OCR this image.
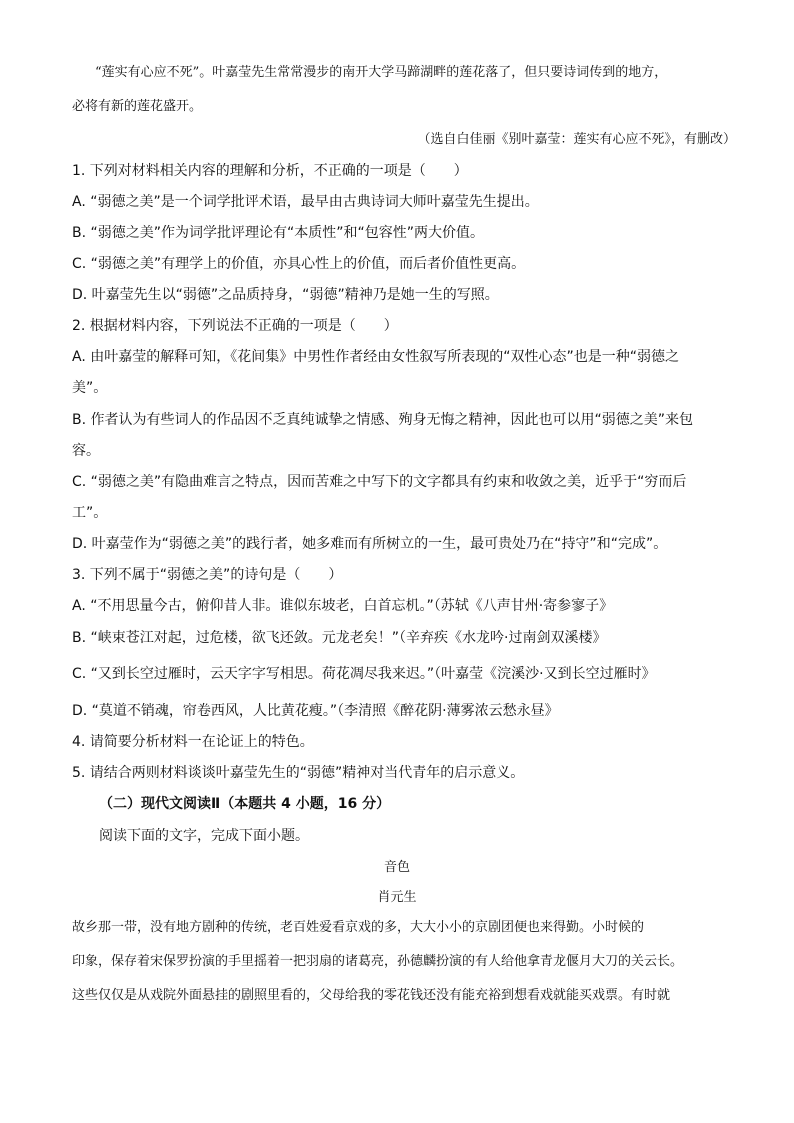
“莲实有心应不死”。叶嘉莹先生常常漫步的南开大学马蹄湖畔的莲花落了，但只要诗词传到的地方，
必将有新的莲花盛开。
（选自白佳丽《别叶嘉莹：莲实有心应不死》，有删改）
1. 下列对材料相关内容的理解和分析，不正确的一项是（　　）
A. “弱德之美”是一个词学批评术语，最早由古典诗词大师叶嘉莹先生提出。
B. “弱德之美”作为词学批评理论有“本质性”和“包容性”两大价值。
C. “弱德之美”有理学上的价值，亦具心性上的价值，而后者价值性更高。
D. 叶嘉莹先生以“弱德”之品质持身，“弱德”精神乃是她一生的写照。
2. 根据材料内容，下列说法不正确的一项是（　　）
A. 由叶嘉莹的解释可知，《花间集》中男性作者经由女性叙写所表现的“双性心态”也是一种“弱德之
美”。
B. 作者认为有些词人的作品因不乏真纯诚挚之情感、殉身无悔之精神，因此也可以用“弱德之美”来包
容。
C. “弱德之美”有隐曲难言之特点，因而苦难之中写下的文字都具有约束和收敛之美，近乎于“穷而后
工”。
D. 叶嘉莹作为“弱德之美”的践行者，她多难而有所树立的一生，最可贵处乃在“持守”和“完成”。
3. 下列不属于“弱德之美”的诗句是（　　）
A. “不用思量今古，俯仰昔人非。谁似东坡老，白首忘机。”（苏轼《八声甘州·寄参寥子》
B. “峡束苍江对起，过危楼，欲飞还敛。元龙老矣！”（辛弃疾《水龙吟·过南剑双溪楼》
C. “又到长空过雁时，云天字字写相思。荷花凋尽我来迟。”（叶嘉莹《浣溪沙·又到长空过雁时》
D. “莫道不销魂，帘卷西风，人比黄花瘦。”（李清照《醉花阴·薄雾浓云愁永昼》
4. 请简要分析材料一在论证上的特色。
5. 请结合两则材料谈谈叶嘉莹先生的“弱德”精神对当代青年的启示意义。
（二）现代文阅读Ⅱ（本题共 4 小题，16 分）
阅读下面的文字，完成下面小题。
音色
肖元生
故乡那一带，没有地方剧种的传统，老百姓爱看京戏的多，大大小小的京剧团便也来得勤。小时候的
印象，保存着宋保罗扮演的手里摇着一把羽扇的诸葛亮，孙德麟扮演的有人给他拿青龙偃月大刀的关云长。
这些仅仅是从戏院外面悬挂的剧照里看的，父母给我的零花钱还没有能充裕到想看戏就能买戏票。有时就
